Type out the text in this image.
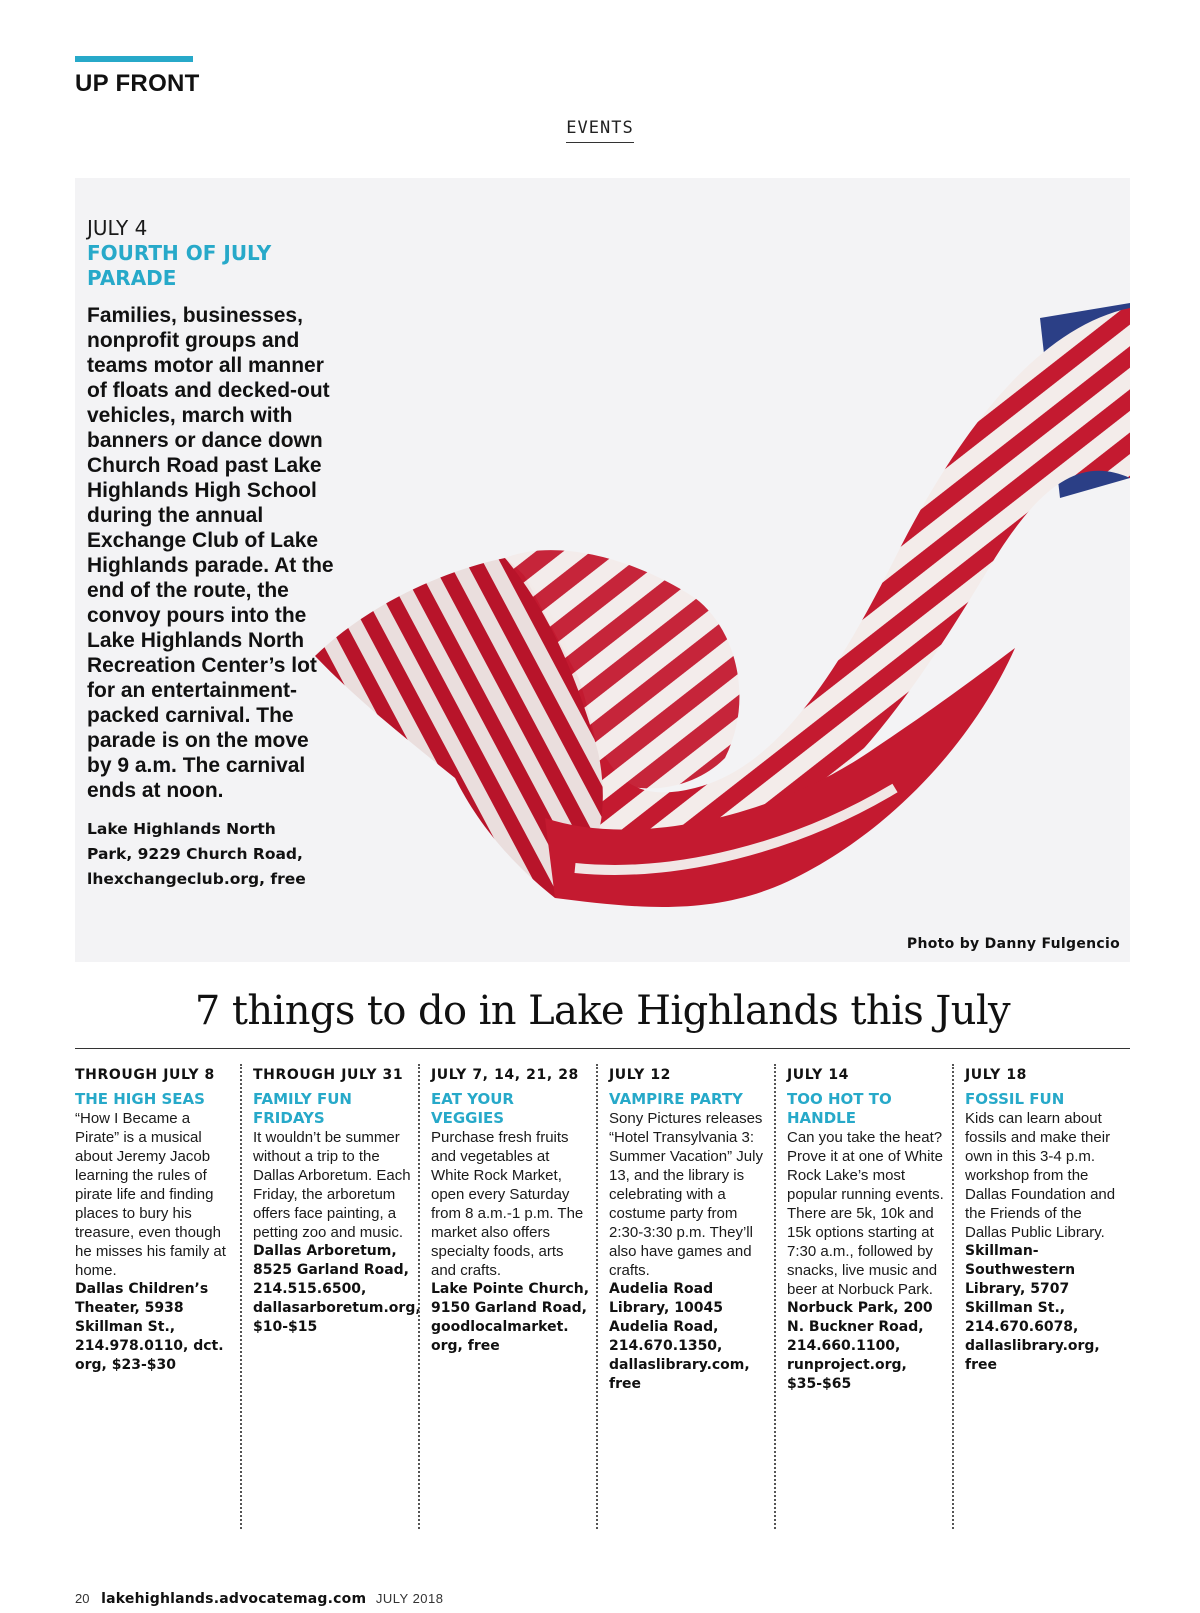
UP FRONT
EVENTS
JULY 4
FOURTH OF JULY PARADE
Families, businesses, nonprofit groups and teams motor all manner of floats and decked-out vehicles, march with banners or dance down Church Road past Lake Highlands High School during the annual Exchange Club of Lake Highlands parade. At the end of the route, the convoy pours into the Lake Highlands North Recreation Center’s lot for an entertainment-packed carnival. The parade is on the move by 9 a.m. The carnival ends at noon.
Lake Highlands North Park, 9229 Church Road, lhexchangeclub.org, free
Photo by Danny Fulgencio
7 things to do in Lake Highlands this July
THROUGH JULY 8
THE HIGH SEAS
“How I Became a Pirate” is a musical about Jeremy Jacob learning the rules of pirate life and finding places to bury his treasure, even though he misses his family at home.
Dallas Children’s Theater, 5938 Skillman St., 214.978.0110, dct. org, $23-$30
THROUGH JULY 31
FAMILY FUN FRIDAYS
It wouldn’t be summer without a trip to the Dallas Arboretum. Each Friday, the arboretum offers face painting, a petting zoo and music.
Dallas Arboretum, 8525 Garland Road, 214.515.6500, dallasarboretum.org, $10-$15
JULY 7, 14, 21, 28
EAT YOUR VEGGIES
Purchase fresh fruits and vegetables at White Rock Market, open every Saturday from 8 a.m.-1 p.m. The market also offers specialty foods, arts and crafts.
Lake Pointe Church, 9150 Garland Road, goodlocalmarket. org, free
JULY 12
VAMPIRE PARTY
Sony Pictures releases “Hotel Transylvania 3: Summer Vacation” July 13, and the library is celebrating with a costume party from 2:30-3:30 p.m. They’ll also have games and crafts.
Audelia Road Library, 10045 Audelia Road, 214.670.1350, dallaslibrary.com, free
JULY 14
TOO HOT TO HANDLE
Can you take the heat? Prove it at one of White Rock Lake’s most popular running events. There are 5k, 10k and 15k options starting at 7:30 a.m., followed by snacks, live music and beer at Norbuck Park.
Norbuck Park, 200 N. Buckner Road, 214.660.1100, runproject.org, $35-$65
JULY 18
FOSSIL FUN
Kids can learn about fossils and make their own in this 3-4 p.m. workshop from the Dallas Foundation and the Friends of the Dallas Public Library.
Skillman-Southwestern Library, 5707 Skillman St., 214.670.6078, dallaslibrary.org, free
20 lakehighlands.advocatemag.com JULY 2018
